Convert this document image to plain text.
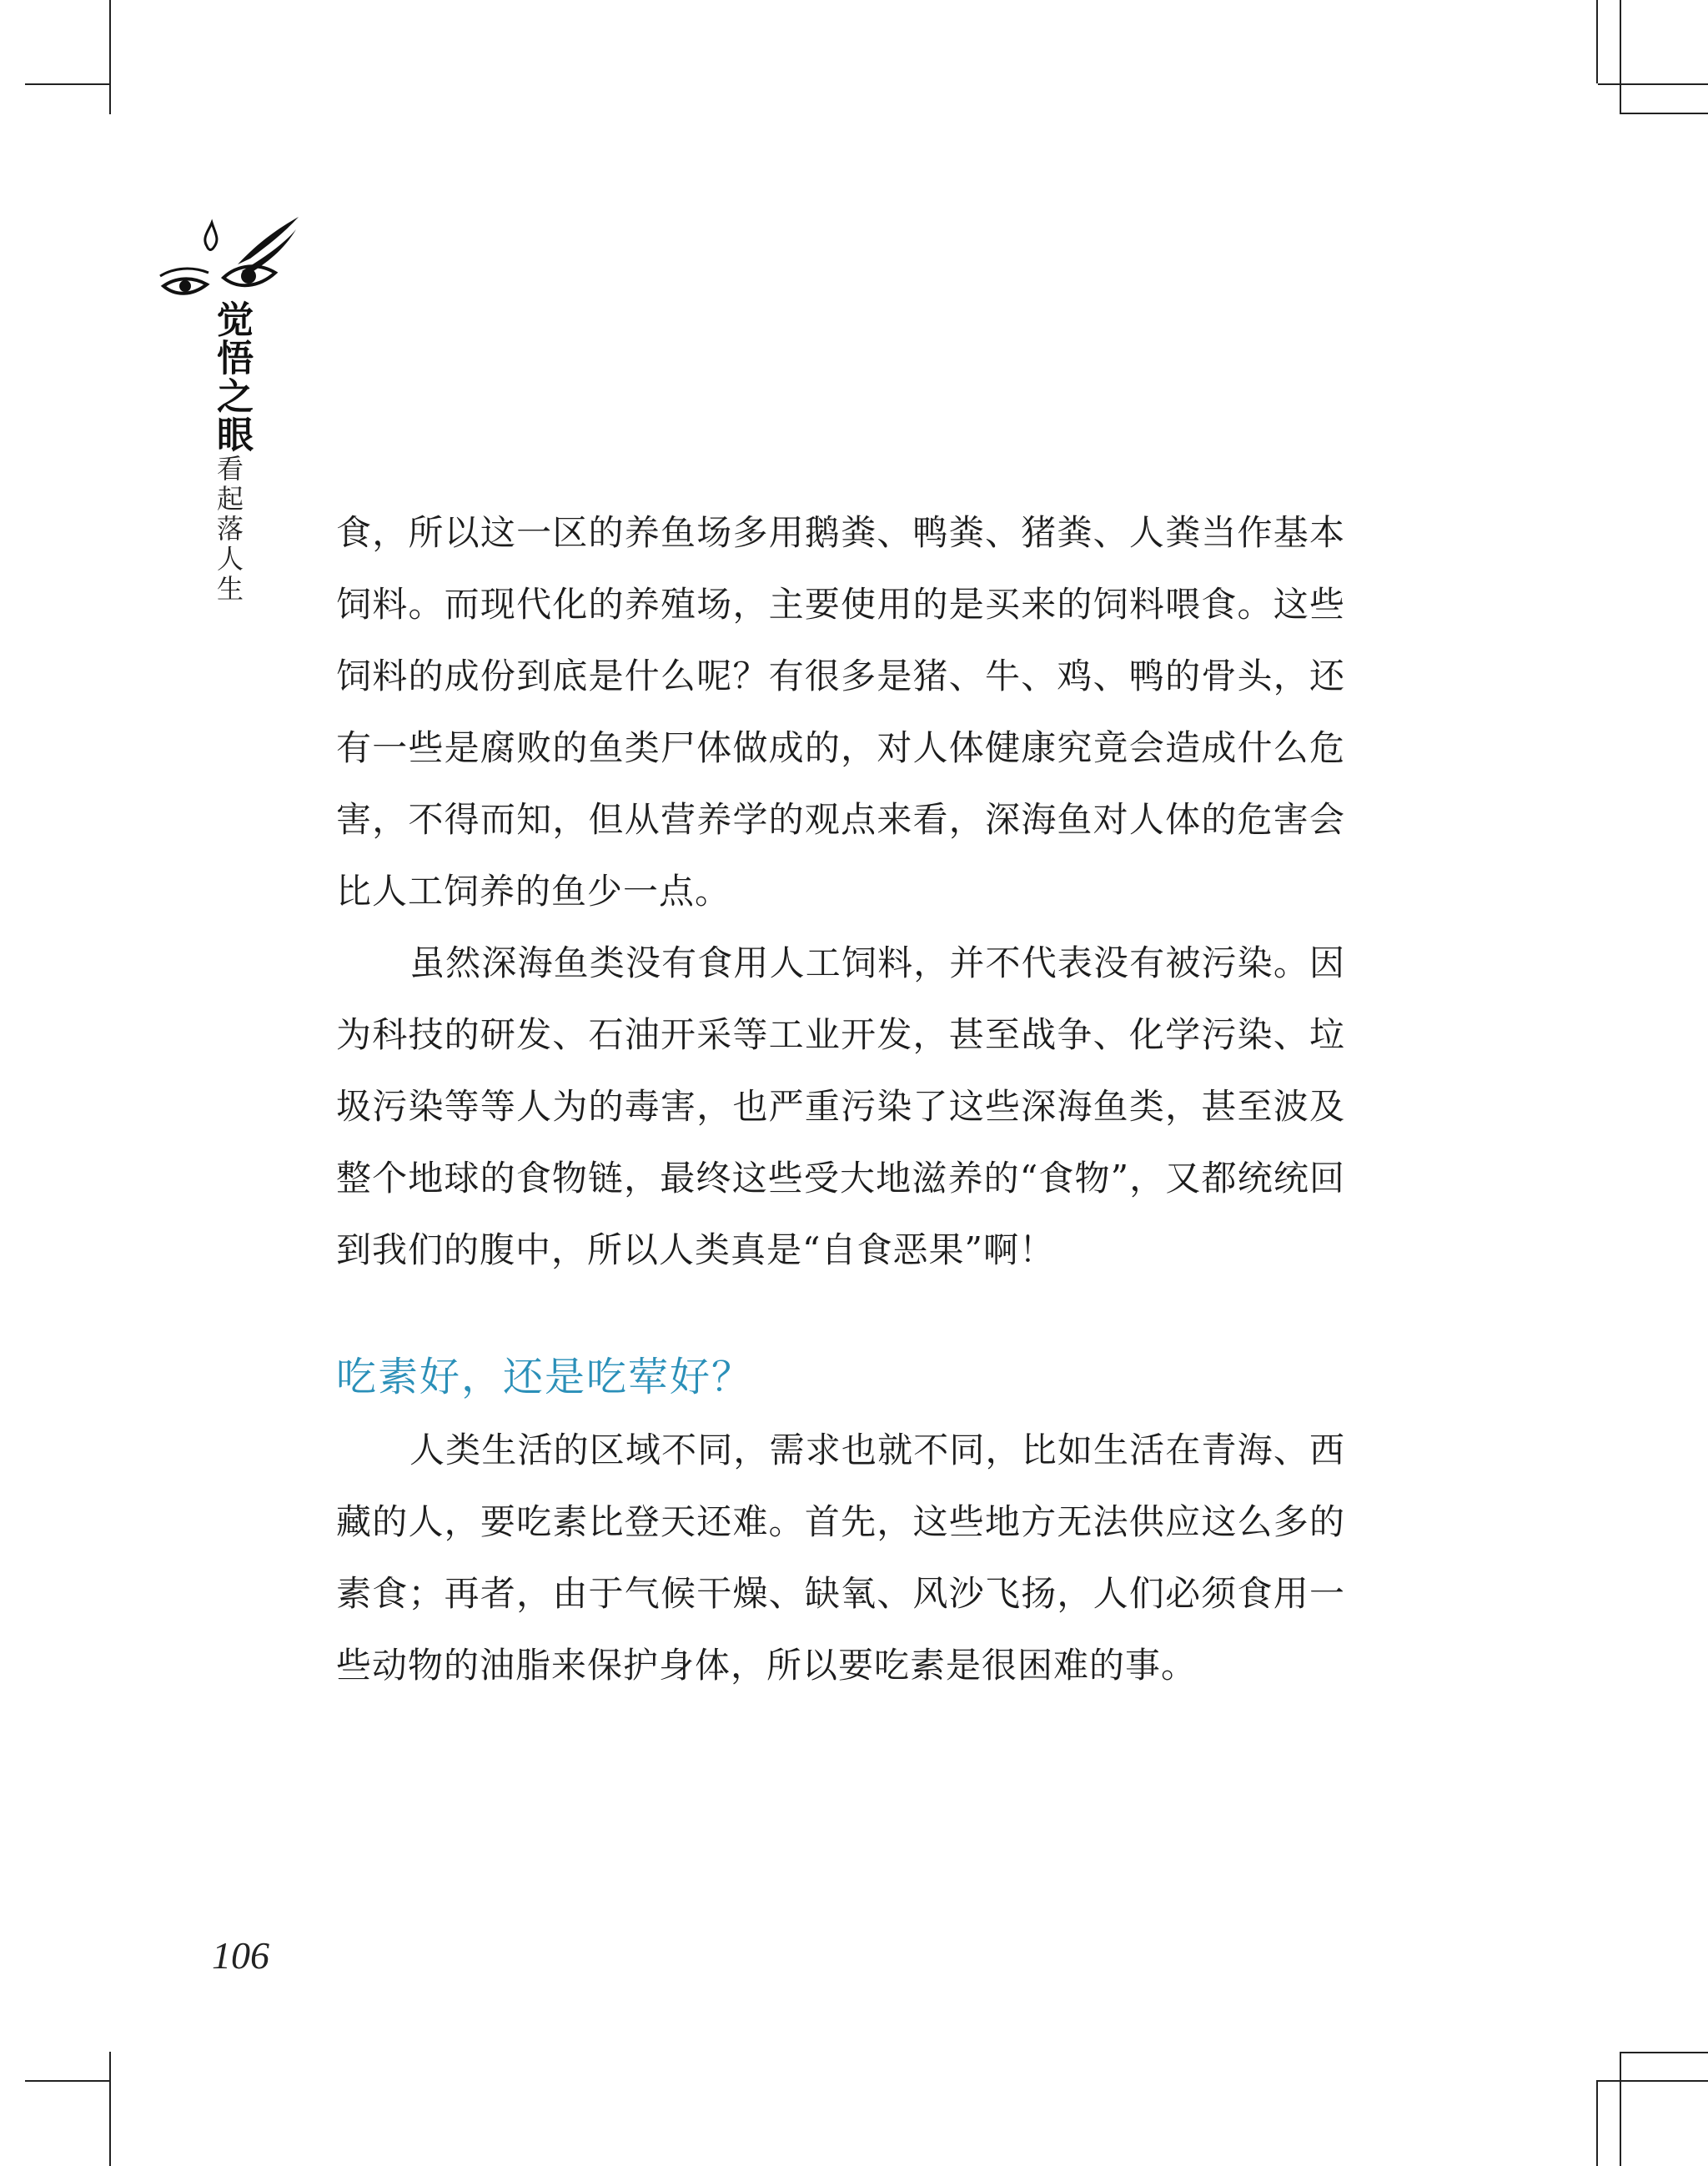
觉悟之眼
看起落人生	食，所以这一区的养鱼场多用鹅粪、鸭粪、猪粪、人粪当作基本饲料。而现代化的养殖场，主要使用的是买来的饲料喂食。这些饲料的成份到底是什么呢？有很多是猪、牛、鸡、鸭的骨头，还有一些是腐败的鱼类尸体做成的，对人体健康究竟会造成什么危害，不得而知，但从营养学的观点来看，深海鱼对人体的危害会比人工饲养的鱼少一点。

虽然深海鱼类没有食用人工饲料，并不代表没有被污染。因为科技的研发、石油开采等工业开发，甚至战争、化学污染、垃圾污染等等人为的毒害，也严重污染了这些深海鱼类，甚至波及整个地球的食物链，最终这些受大地滋养的“食物”，又都统统回到我们的腹中，所以人类真是“自食恶果”啊！

吃素好，还是吃荤好？

人类生活的区域不同，需求也就不同，比如生活在青海、西藏的人，要吃素比登天还难。首先，这些地方无法供应这么多的素食；再者，由于气候干燥、缺氧、风沙飞扬，人们必须食用一些动物的油脂来保护身体，所以要吃素是很困难的事。

106
